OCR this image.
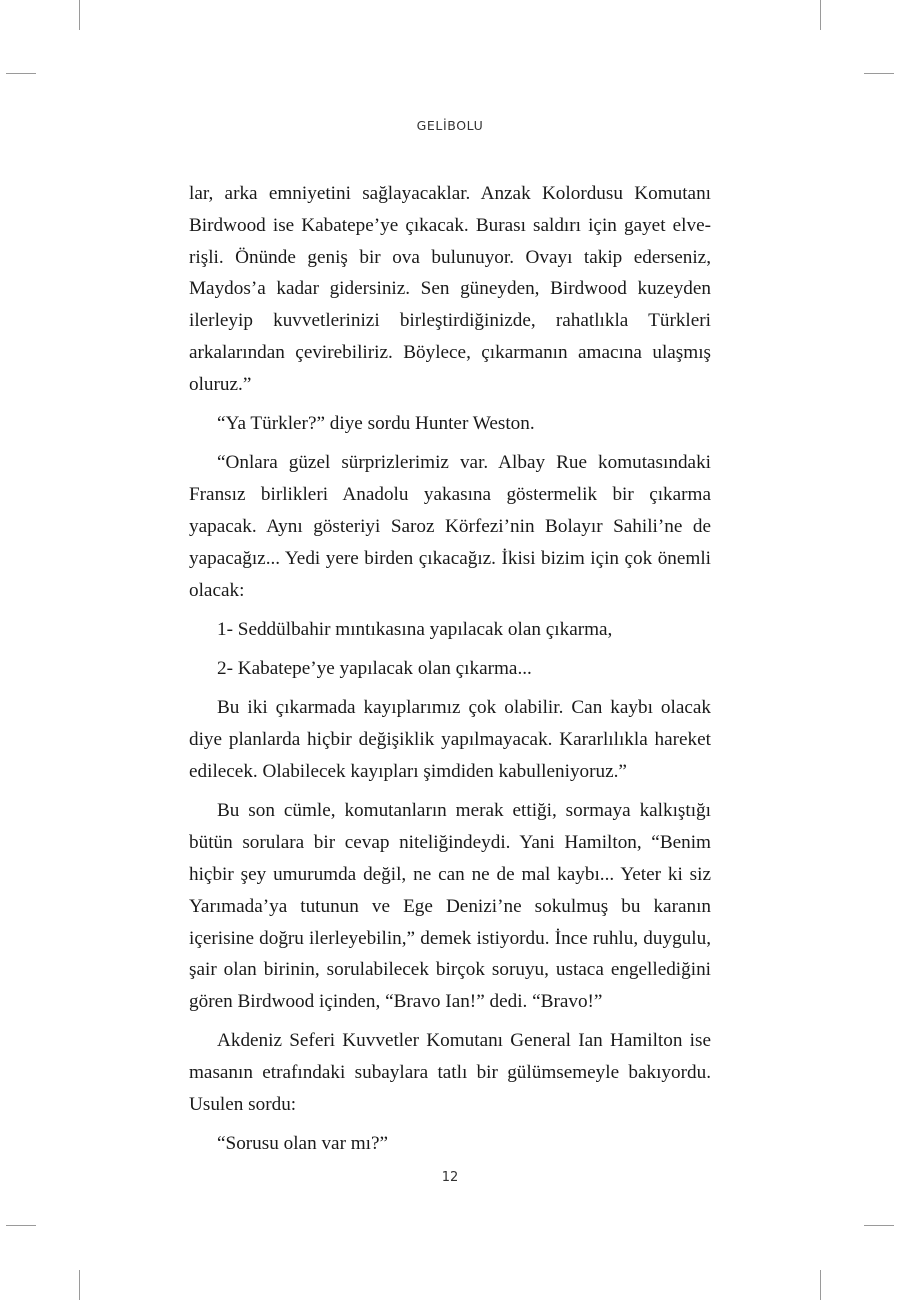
GELİBOLU

lar, arka emniyetini sağlayacaklar. Anzak Kolordusu Komutanı Birdwood ise Kabatepe’ye çıkacak. Burası saldırı için gayet elverişli. Önünde geniş bir ova bulunuyor. Ovayı takip ederseniz, Maydos’a kadar gidersiniz. Sen güneyden, Birdwood kuzeyden ilerleyip kuvvetlerinizi birleştirdiğinizde, rahatlıkla Türkleri arkalarından çevirebiliriz. Böylece, çıkarmanın amacına ulaşmış oluruz.”

“Ya Türkler?” diye sordu Hunter Weston.

“Onlara güzel sürprizlerimiz var. Albay Rue komutasındaki Fransız birlikleri Anadolu yakasına göstermelik bir çıkarma yapacak. Aynı gösteriyi Saroz Körfezi’nin Bolayır Sahili’ne de yapacağız... Yedi yere birden çıkacağız. İkisi bizim için çok önemli olacak:

1- Seddülbahir mıntıkasına yapılacak olan çıkarma,

2- Kabatepe’ye yapılacak olan çıkarma...

Bu iki çıkarmada kayıplarımız çok olabilir. Can kaybı olacak diye planlarda hiçbir değişiklik yapılmayacak. Kararlılıkla hareket edilecek. Olabilecek kayıpları şimdiden kabulleniyoruz.”

Bu son cümle, komutanların merak ettiği, sormaya kalkıştığı bütün sorulara bir cevap niteliğindeydi. Yani Hamilton, “Benim hiçbir şey umurumda değil, ne can ne de mal kaybı... Yeter ki siz Yarımada’ya tutunun ve Ege Denizi’ne sokulmuş bu karanın içerisine doğru ilerleyebilin,” demek istiyordu. İnce ruhlu, duygulu, şair olan birinin, sorulabilecek birçok soruyu, ustaca engellediğini gören Birdwood içinden, “Bravo Ian!” dedi. “Bravo!”

Akdeniz Seferi Kuvvetler Komutanı General Ian Hamilton ise masanın etrafındaki subaylara tatlı bir gülümsemeyle bakıyordu. Usulen sordu:

“Sorusu olan var mı?”

12
